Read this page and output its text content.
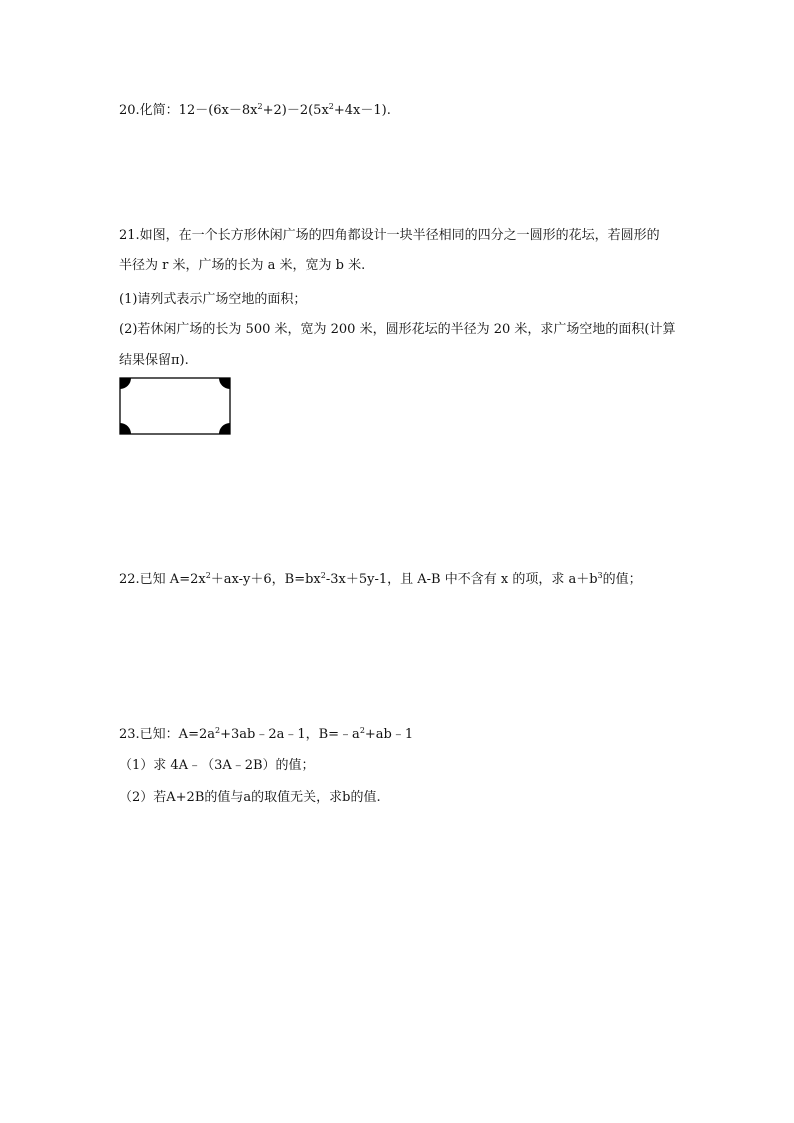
20.化简：$12-(6x-8x^2+2)-2(5x^2+4x-1)$.
21.如图，在一个长方形休闲广场的四角都设计一块半径相同的四分之一圆形的花坛，若圆形的
半径为 r 米，广场的长为 a 米，宽为 b 米.
(1)请列式表示广场空地的面积；
(2)若休闲广场的长为 500 米，宽为 200 米，圆形花坛的半径为 20 米，求广场空地的面积(计算
结果保留π).
22.已知 $A=2x^2+ax-y+6$，$B=bx^2-3x+5y-1$，且 A-B 中不含有 x 的项，求 $a+b^3$的值；
23.已知：$A=2a^2+3ab﹣2a﹣1$，$B=﹣a^2+ab﹣1$
（1）求 4A﹣（3A﹣2B）的值；
（2）若A+2B的值与a的取值无关，求b的值.
